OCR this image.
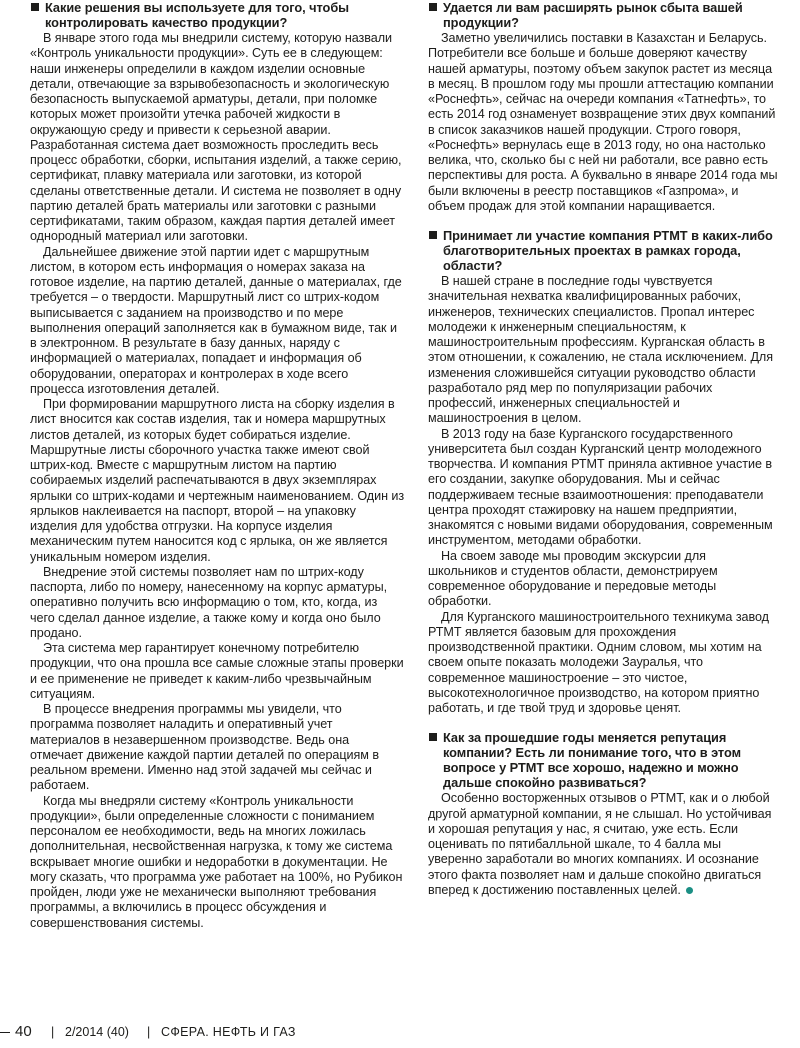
Какие решения вы используете для того, чтобы контролировать качество продукции?

В январе этого года мы внедрили систему, которую назвали «Контроль уникальности продукции». Суть ее в следующем: наши инженеры определили в каждом изделии основные детали, отвечающие за взрывобезопасность и экологическую безопасность выпускаемой арматуры, детали, при поломке которых может произойти утечка рабочей жидкости в окружающую среду и привести к серьезной аварии. Разработанная система дает возможность проследить весь процесс обработки, сборки, испытания изделий, а также серию, сертификат, плавку материала или заготовки, из которой сделаны ответственные детали. И система не позволяет в одну партию деталей брать материалы или заготовки с разными сертификатами, таким образом, каждая партия деталей имеет однородный материал или заготовки.

Дальнейшее движение этой партии идет с маршрутным листом, в котором есть информация о номерах заказа на готовое изделие, на партию деталей, данные о материалах, где требуется – о твердости. Маршрутный лист со штрих-кодом выписывается с заданием на производство и по мере выполнения операций заполняется как в бумажном виде, так и в электронном. В результате в базу данных, наряду с информацией о материалах, попадает и информация об оборудовании, операторах и контролерах в ходе всего процесса изготовления деталей.

При формировании маршрутного листа на сборку изделия в лист вносится как состав изделия, так и номера маршрутных листов деталей, из которых будет собираться изделие. Маршрутные листы сборочного участка также имеют свой штрих-код. Вместе с маршрутным листом на партию собираемых изделий распечатываются в двух экземплярах ярлыки со штрих-кодами и чертежным наименованием. Один из ярлыков наклеивается на паспорт, второй – на упаковку изделия для удобства отгрузки. На корпусе изделия механическим путем наносится код с ярлыка, он же является уникальным номером изделия.

Внедрение этой системы позволяет нам по штрих-коду паспорта, либо по номеру, нанесенному на корпус арматуры, оперативно получить всю информацию о том, кто, когда, из чего сделал данное изделие, а также кому и когда оно было продано.

Эта система мер гарантирует конечному потребителю продукции, что она прошла все самые сложные этапы проверки и ее применение не приведет к каким-либо чрезвычайным ситуациям.

В процессе внедрения программы мы увидели, что программа позволяет наладить и оперативный учет материалов в незавершенном производстве. Ведь она отмечает движение каждой партии деталей по операциям в реальном времени. Именно над этой задачей мы сейчас и работаем.

Когда мы внедряли систему «Контроль уникальности продукции», были определенные сложности с пониманием персоналом ее необходимости, ведь на многих ложилась дополнительная, несвойственная нагрузка, к тому же система вскрывает многие ошибки и недоработки в документации. Не могу сказать, что программа уже работает на 100%, но Рубикон пройден, люди уже не механически выполняют требования программы, а включились в процесс обсуждения и совершенствования системы.

Удается ли вам расширять рынок сбыта вашей продукции?

Заметно увеличились поставки в Казахстан и Беларусь. Потребители все больше и больше доверяют качеству нашей арматуры, поэтому объем закупок растет из месяца в месяц. В прошлом году мы прошли аттестацию компании «Роснефть», сейчас на очереди компания «Татнефть», то есть 2014 год ознаменует возвращение этих двух компаний в список заказчиков нашей продукции. Строго говоря, «Роснефть» вернулась еще в 2013 году, но она настолько велика, что, сколько бы с ней ни работали, все равно есть перспективы для роста. А буквально в январе 2014 года мы были включены в реестр поставщиков «Газпрома», и объем продаж для этой компании наращивается.

Принимает ли участие компания РТМТ в каких-либо благотворительных проектах в рамках города, области?

В нашей стране в последние годы чувствуется значительная нехватка квалифицированных рабочих, инженеров, технических специалистов. Пропал интерес молодежи к инженерным специальностям, к машиностроительным профессиям. Курганская область в этом отношении, к сожалению, не стала исключением. Для изменения сложившейся ситуации руководство области разработало ряд мер по популяризации рабочих профессий, инженерных специальностей и машиностроения в целом.

В 2013 году на базе Курганского государственного университета был создан Курганский центр молодежного творчества. И компания РТМТ приняла активное участие в его создании, закупке оборудования. Мы и сейчас поддерживаем тесные взаимоотношения: преподаватели центра проходят стажировку на нашем предприятии, знакомятся с новыми видами оборудования, современным инструментом, методами обработки.

На своем заводе мы проводим экскурсии для школьников и студентов области, демонстрируем современное оборудование и передовые методы обработки.

Для Курганского машиностроительного техникума завод РТМТ является базовым для прохождения производственной практики. Одним словом, мы хотим на своем опыте показать молодежи Зауралья, что современное машиностроение – это чистое, высокотехнологичное производство, на котором приятно работать, и где твой труд и здоровье ценят.

Как за прошедшие годы меняется репутация компании? Есть ли понимание того, что в этом вопросе у РТМТ все хорошо, надежно и можно дальше спокойно развиваться?

Особенно восторженных отзывов о РТМТ, как и о любой другой арматурной компании, я не слышал. Но устойчивая и хорошая репутация у нас, я считаю, уже есть. Если оценивать по пятибалльной шкале, то 4 балла мы уверенно заработали во многих компаниях. И осознание этого факта позволяет нам и дальше спокойно двигаться вперед к достижению поставленных целей.

40 | 2/2014 (40) | СФЕРА. НЕФТЬ И ГАЗ
